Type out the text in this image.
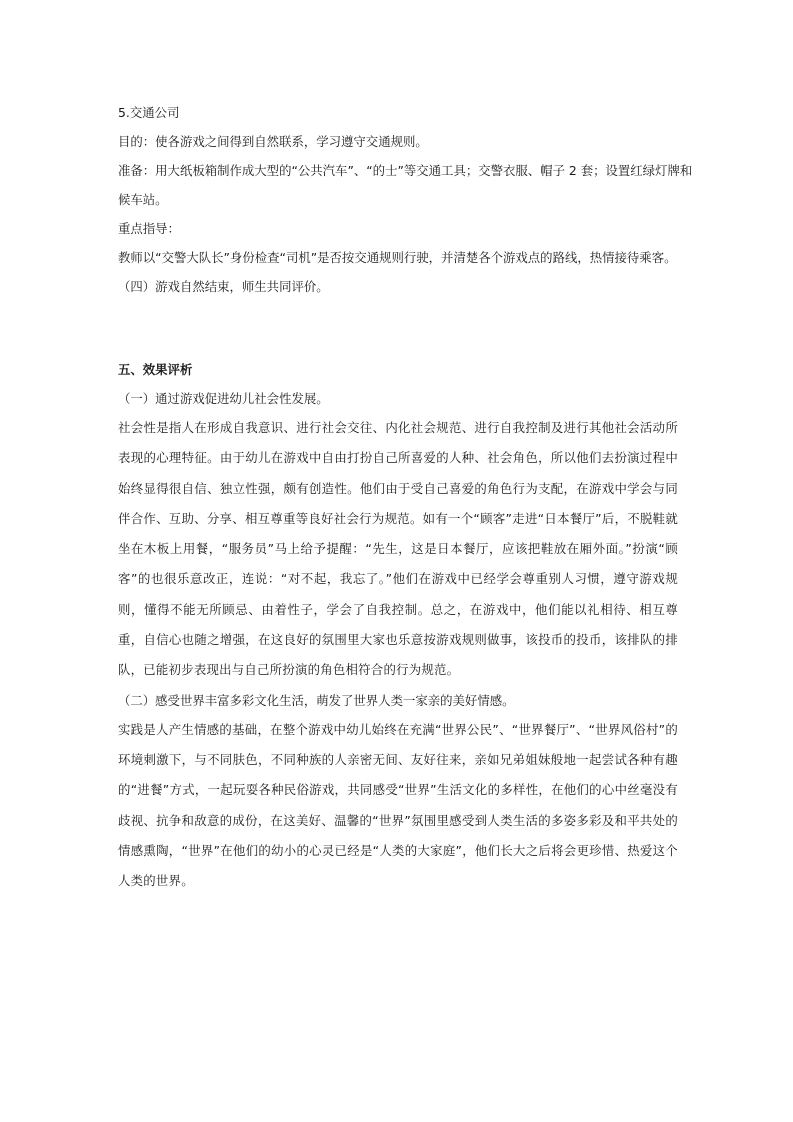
5.交通公司

目的：使各游戏之间得到自然联系，学习遵守交通规则。

准备：用大纸板箱制作成大型的“公共汽车”、“的士”等交通工具；交警衣服、帽子 2 套；设置红绿灯牌和

候车站。

重点指导：

教师以“交警大队长”身份检查“司机”是否按交通规则行驶，并清楚各个游戏点的路线，热情接待乘客。

（四）游戏自然结束，师生共同评价。

五、效果评析

（一）通过游戏促进幼儿社会性发展。

社会性是指人在形成自我意识、进行社会交往、内化社会规范、进行自我控制及进行其他社会活动所表现的心理特征。由于幼儿在游戏中自由打扮自己所喜爱的人种、社会角色，所以他们去扮演过程中始终显得很自信、独立性强，颇有创造性。他们由于受自己喜爱的角色行为支配，在游戏中学会与同伴合作、互助、分享、相互尊重等良好社会行为规范。如有一个“顾客”走进“日本餐厅”后，不脱鞋就坐在木板上用餐，“服务员”马上给予提醒：“先生，这是日本餐厅，应该把鞋放在厢外面。”扮演“顾客”的也很乐意改正，连说：“对不起，我忘了。”他们在游戏中已经学会尊重别人习惯，遵守游戏规则，懂得不能无所顾忌、由着性子，学会了自我控制。总之，在游戏中，他们能以礼相待、相互尊重，自信心也随之增强，在这良好的氛围里大家也乐意按游戏规则做事，该投币的投币，该排队的排队，已能初步表现出与自己所扮演的角色相符合的行为规范。

（二）感受世界丰富多彩文化生活，萌发了世界人类一家亲的美好情感。

实践是人产生情感的基础，在整个游戏中幼儿始终在充满“世界公民”、“世界餐厅”、“世界风俗村”的环境刺激下，与不同肤色，不同种族的人亲密无间、友好往来，亲如兄弟姐妹般地一起尝试各种有趣的“进餐”方式，一起玩耍各种民俗游戏，共同感受“世界”生活文化的多样性，在他们的心中丝毫没有歧视、抗争和敌意的成份，在这美好、温馨的“世界”氛围里感受到人类生活的多姿多彩及和平共处的情感熏陶，“世界”在他们的幼小的心灵已经是“人类的大家庭”，他们长大之后将会更珍惜、热爱这个人类的世界。
